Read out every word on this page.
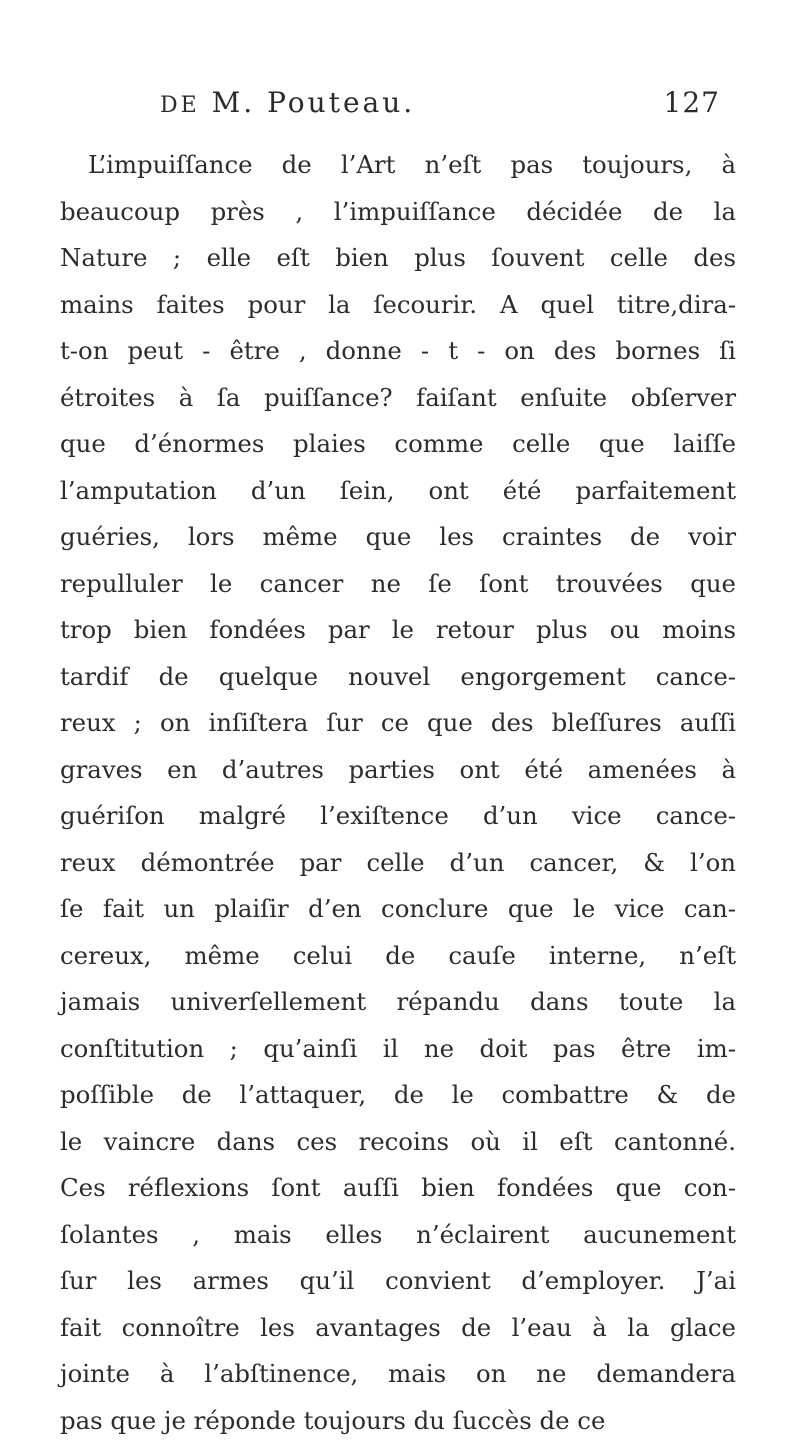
DE M. Pouteau.	127
L’impuiſſance de l’Art n’eſt pas toujours, à
beaucoup près , l’impuiſſance décidée de la
Nature ; elle eſt bien plus ſouvent celle des
mains faites pour la ſecourir. A quel titre,dira-
t-on peut - être , donne - t - on des bornes ſi
étroites à ſa puiſſance? faiſant enſuite obſerver
que d’énormes plaies comme celle que laiſſe
l’amputation d’un ſein, ont été parfaitement
guéries, lors même que les craintes de voir
repulluler le cancer ne ſe ſont trouvées que
trop bien fondées par le retour plus ou moins
tardif de quelque nouvel engorgement cance-
reux ; on inſiſtera ſur ce que des bleſſures auſſi
graves en d’autres parties ont été amenées à
guériſon malgré l’exiſtence d’un vice cance-
reux démontrée par celle d’un cancer, & l’on
ſe fait un plaiſir d’en conclure que le vice can-
cereux, même celui de cauſe interne, n’eſt
jamais univerſellement répandu dans toute la
conſtitution ; qu’ainſi il ne doit pas être im-
poſſible de l’attaquer, de le combattre & de
le vaincre dans ces recoins où il eſt cantonné.
Ces réflexions ſont auſſi bien fondées que con-
ſolantes , mais elles n’éclairent aucunement
ſur les armes qu’il convient d’employer. J’ai
fait connoître les avantages de l’eau à la glace
jointe à l’abſtinence, mais on ne demandera
pas que je réponde toujours du ſuccès de ce
